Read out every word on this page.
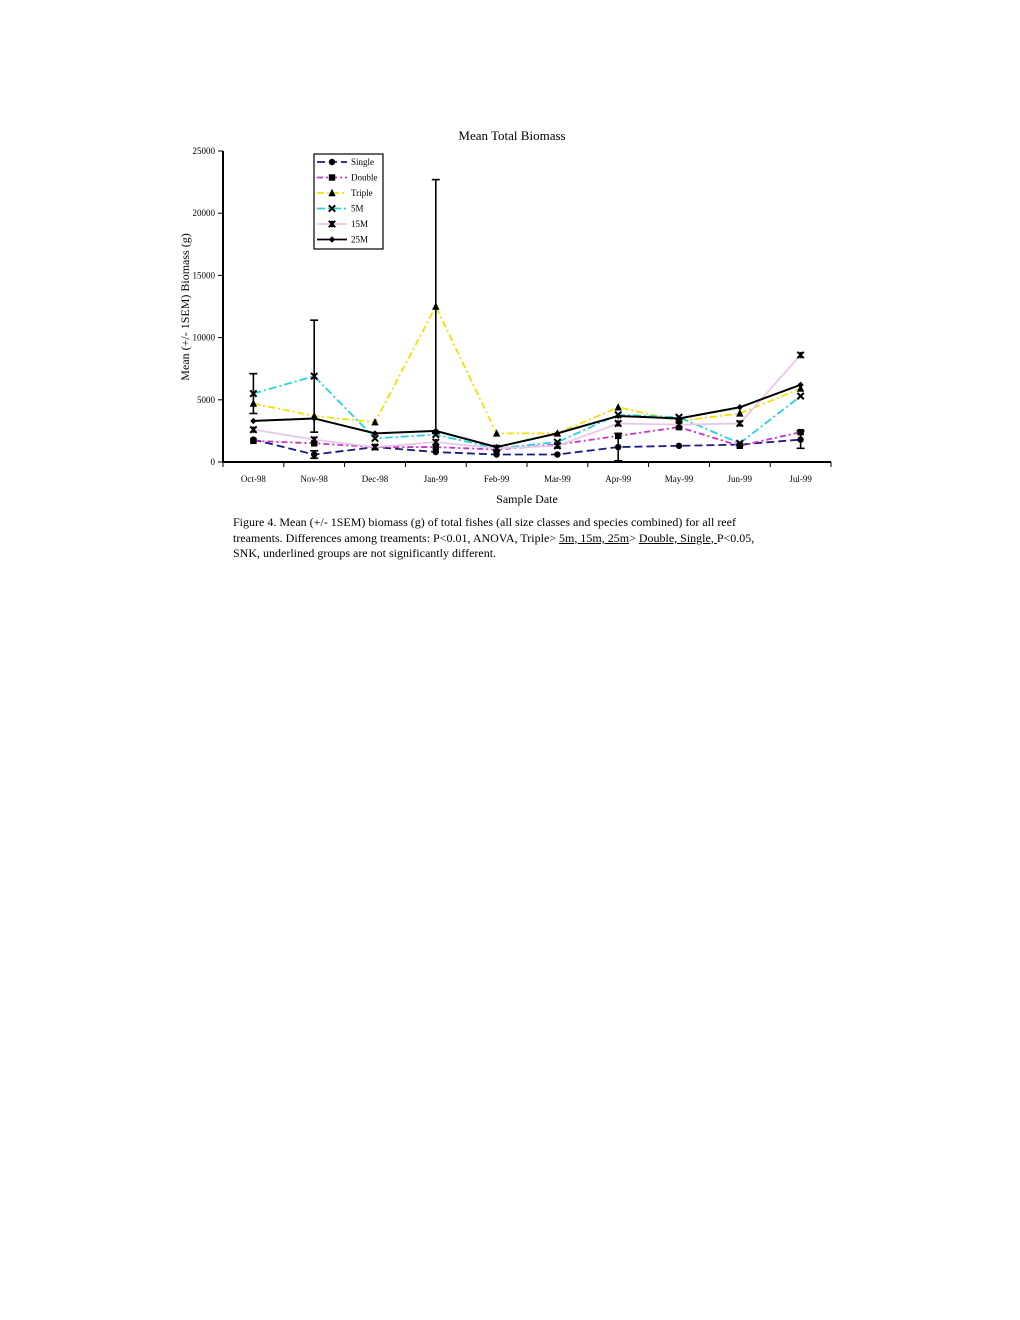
Mean Total Biomass
0
5000
10000
15000
20000
25000
Oct-98	Nov-98	Dec-98	Jan-99	Feb-99	Mar-99	Apr-99	May-99	Jun-99	Jul-99
Sample Date
Mean (+/- 1SEM) Biomass (g)
Single
Double
Triple
5M
15M
25M

Figure 4. Mean (+/- 1SEM) biomass (g) of total fishes (all size classes and species combined) for all reef

treaments. Differences among treaments: P<0.01, ANOVA, Triple> 5m, 15m, 25m> Double, Single, P<0.05,

SNK, underlined groups are not significantly different.
